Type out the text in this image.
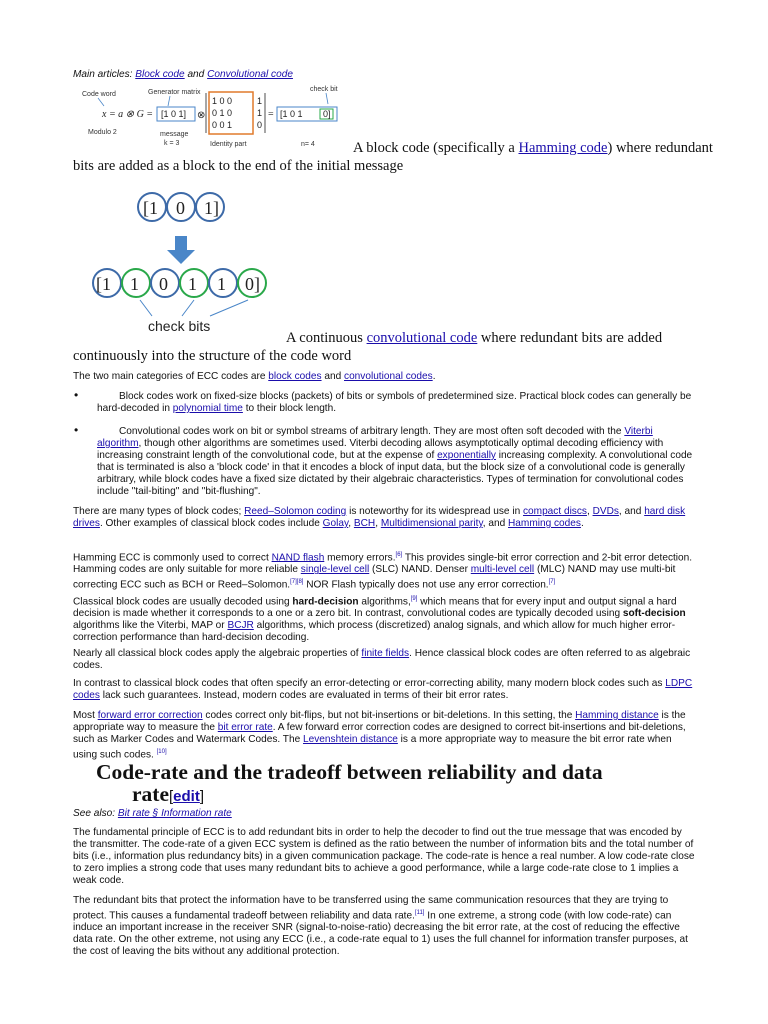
Main articles: Block code and Convolutional code
Code word	Generator matrix	check bit
x = a ⊗ G = [1 0 1] ⊗
1 0 0
0 1 0
0 0 1
1
1
0
= [1 0 1 0]
Modulo 2	message
k = 3	Identity part	n= 4	A block code (specifically a Hamming code) where redundant bits are added as a block to the end of the initial message
[1 0 1]
[1 1 0 1 1 0]
check bits
A continuous convolutional code where redundant bits are added continuously into the structure of the code word
The two main categories of ECC codes are block codes and convolutional codes.
•	Block codes work on fixed-size blocks (packets) of bits or symbols of predetermined size. Practical block codes can generally be hard-decoded in polynomial time to their block length.
•	Convolutional codes work on bit or symbol streams of arbitrary length. They are most often soft decoded with the Viterbi algorithm, though other algorithms are sometimes used. Viterbi decoding allows asymptotically optimal decoding efficiency with increasing constraint length of the convolutional code, but at the expense of exponentially increasing complexity. A convolutional code that is terminated is also a 'block code' in that it encodes a block of input data, but the block size of a convolutional code is generally arbitrary, while block codes have a fixed size dictated by their algebraic characteristics. Types of termination for convolutional codes include "tail-biting" and "bit-flushing".
There are many types of block codes; Reed–Solomon coding is noteworthy for its widespread use in compact discs, DVDs, and hard disk drives. Other examples of classical block codes include Golay, BCH, Multidimensional parity, and Hamming codes.
Hamming ECC is commonly used to correct NAND flash memory errors.[6] This provides single-bit error correction and 2-bit error detection. Hamming codes are only suitable for more reliable single-level cell (SLC) NAND. Denser multi-level cell (MLC) NAND may use multi-bit correcting ECC such as BCH or Reed–Solomon.[7][8] NOR Flash typically does not use any error correction.[7]
Classical block codes are usually decoded using hard-decision algorithms,[9] which means that for every input and output signal a hard decision is made whether it corresponds to a one or a zero bit. In contrast, convolutional codes are typically decoded using soft-decision algorithms like the Viterbi, MAP or BCJR algorithms, which process (discretized) analog signals, and which allow for much higher error-correction performance than hard-decision decoding.
Nearly all classical block codes apply the algebraic properties of finite fields. Hence classical block codes are often referred to as algebraic codes.
In contrast to classical block codes that often specify an error-detecting or error-correcting ability, many modern block codes such as LDPC codes lack such guarantees. Instead, modern codes are evaluated in terms of their bit error rates.
Most forward error correction codes correct only bit-flips, but not bit-insertions or bit-deletions. In this setting, the Hamming distance is the appropriate way to measure the bit error rate. A few forward error correction codes are designed to correct bit-insertions and bit-deletions, such as Marker Codes and Watermark Codes. The Levenshtein distance is a more appropriate way to measure the bit error rate when using such codes. [10]
Code-rate and the tradeoff between reliability and data
rate[edit]
See also: Bit rate § Information rate
The fundamental principle of ECC is to add redundant bits in order to help the decoder to find out the true message that was encoded by the transmitter. The code-rate of a given ECC system is defined as the ratio between the number of information bits and the total number of bits (i.e., information plus redundancy bits) in a given communication package. The code-rate is hence a real number. A low code-rate close to zero implies a strong code that uses many redundant bits to achieve a good performance, while a large code-rate close to 1 implies a weak code.
The redundant bits that protect the information have to be transferred using the same communication resources that they are trying to protect. This causes a fundamental tradeoff between reliability and data rate.[11] In one extreme, a strong code (with low code-rate) can induce an important increase in the receiver SNR (signal-to-noise-ratio) decreasing the bit error rate, at the cost of reducing the effective data rate. On the other extreme, not using any ECC (i.e., a code-rate equal to 1) uses the full channel for information transfer purposes, at the cost of leaving the bits without any additional protection.
